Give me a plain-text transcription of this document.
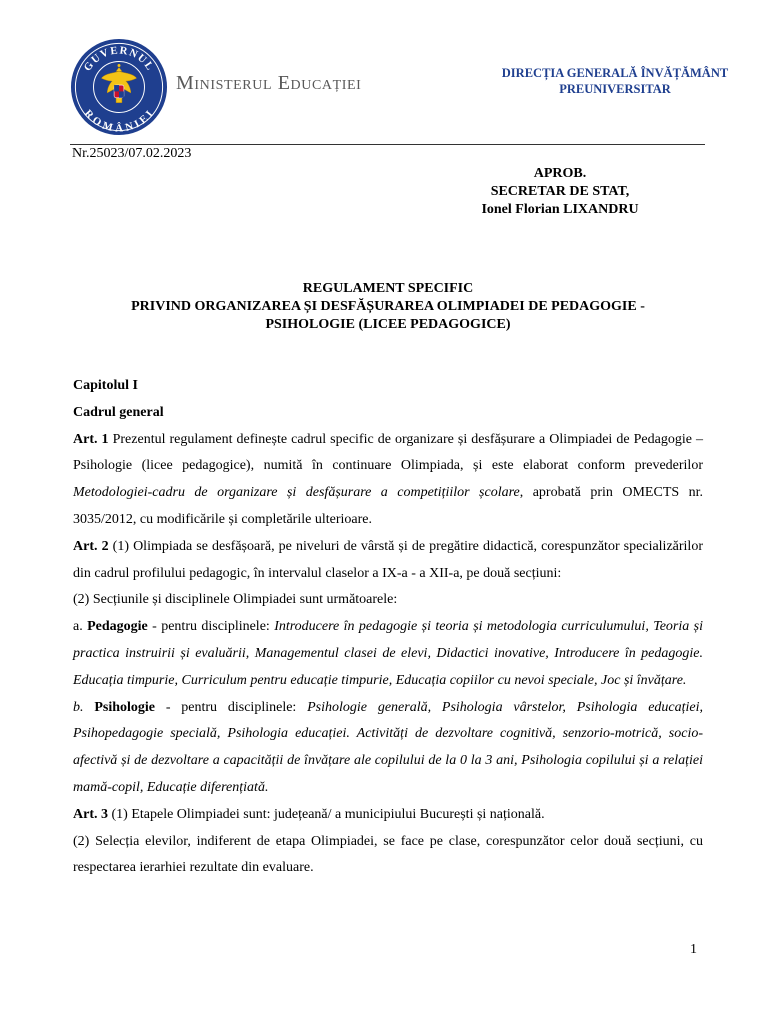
GUVERNUL
ROMÂNIEI
Ministerul Educației	DIRECȚIA GENERALĂ ÎNVĂȚĂMÂNT
PREUNIVERSITAR
Nr.25023/07.02.2023
APROB.
SECRETAR DE STAT,
Ionel Florian LIXANDRU
REGULAMENT SPECIFIC
PRIVIND ORGANIZAREA ȘI DESFĂȘURAREA OLIMPIADEI DE PEDAGOGIE -
PSIHOLOGIE (LICEE PEDAGOGICE)

Capitolul I

Cadrul general

Art. 1 Prezentul regulament definește cadrul specific de organizare și desfășurare a Olimpiadei de Pedagogie – Psihologie (licee pedagogice), numită în continuare Olimpiada, și este elaborat conform prevederilor Metodologiei-cadru de organizare și desfășurare a competițiilor școlare, aprobată prin OMECTS nr. 3035/2012, cu modificările și completările ulterioare.

Art. 2 (1) Olimpiada se desfășoară, pe niveluri de vârstă și de pregătire didactică, corespunzător specializărilor din cadrul profilului pedagogic, în intervalul claselor a IX-a - a XII-a, pe două secțiuni:

(2) Secțiunile și disciplinele Olimpiadei sunt următoarele:

a. Pedagogie - pentru disciplinele: Introducere în pedagogie și teoria și metodologia curriculumului, Teoria și practica instruirii și evaluării, Managementul clasei de elevi, Didactici inovative, Introducere în pedagogie. Educația timpurie, Curriculum pentru educație timpurie, Educația copiilor cu nevoi speciale, Joc și învățare.

b. Psihologie - pentru disciplinele: Psihologie generală, Psihologia vârstelor, Psihologia educației, Psihopedagogie specială, Psihologia educației. Activități de dezvoltare cognitivă, senzorio-motrică, socio-afectivă și de dezvoltare a capacității de învățare ale copilului de la 0 la 3 ani, Psihologia copilului și a relației mamă-copil, Educație diferențiată.

Art. 3 (1) Etapele Olimpiadei sunt: județeană/ a municipiului București și națională.

(2) Selecția elevilor, indiferent de etapa Olimpiadei, se face pe clase, corespunzător celor două secțiuni, cu respectarea ierarhiei rezultate din evaluare.

1
